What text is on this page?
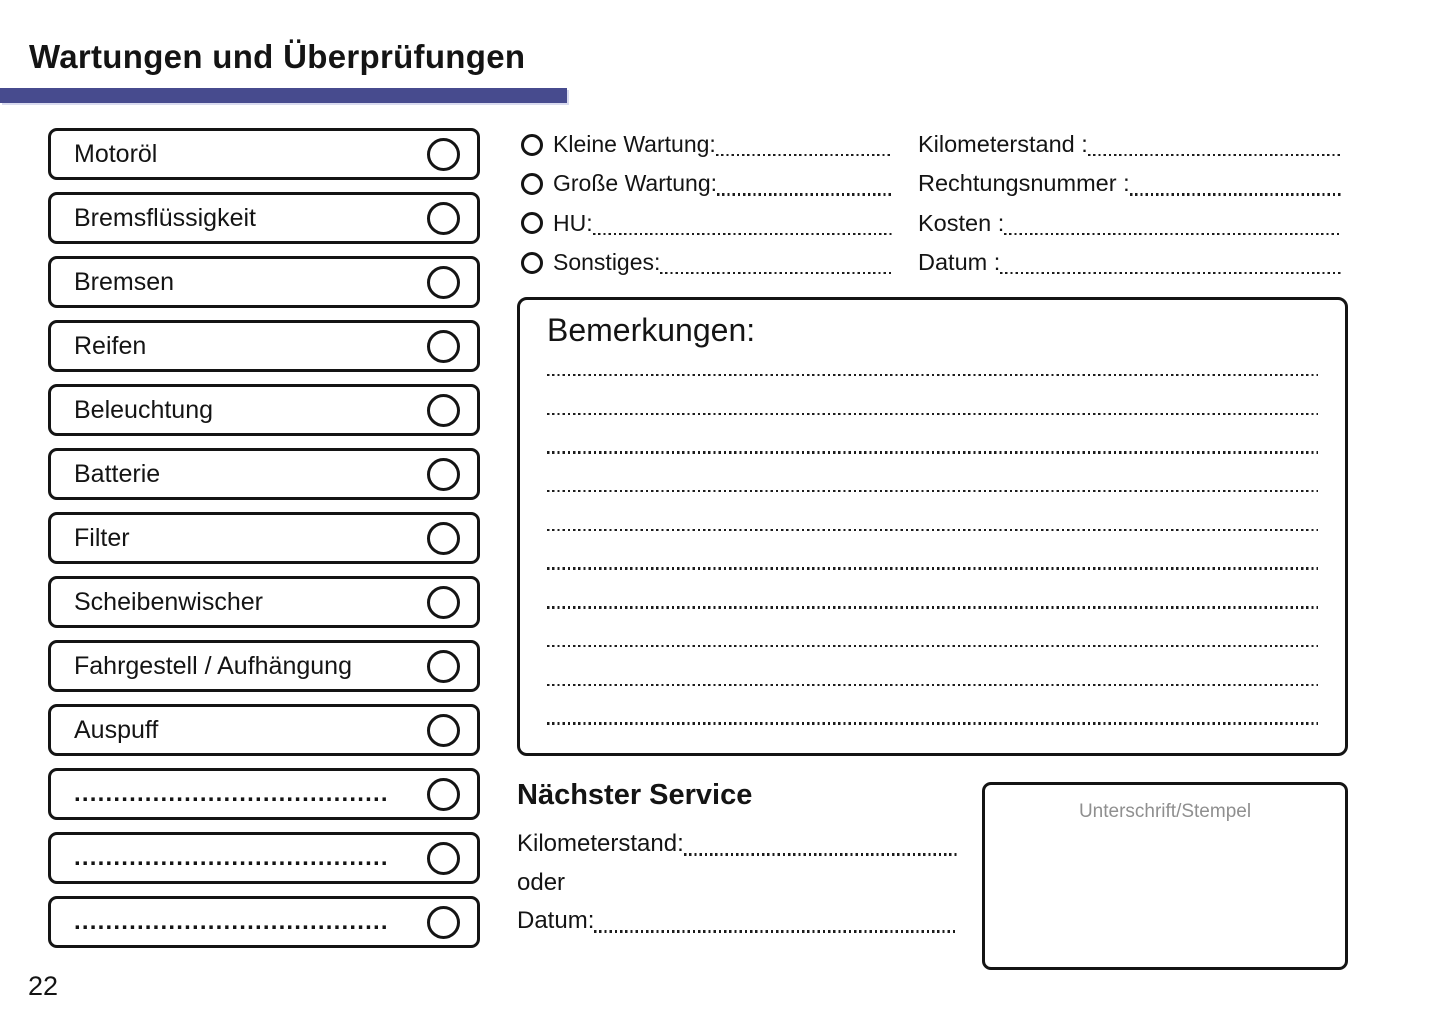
Wartungen und Überprüfungen
Motoröl
Bremsflüssigkeit
Bremsen
Reifen
Beleuchtung
Batterie
Filter
Scheibenwischer
Fahrgestell / Aufhängung
Auspuff
........................................
........................................
........................................
Kleine Wartung:
Große Wartung:
HU:
Sonstiges:
Kilometerstand :
Rechtungsnummer :
Kosten :
Datum :
Bemerkungen:
Nächster Service
Kilometerstand:
oder
Datum:
Unterschrift/Stempel
22
